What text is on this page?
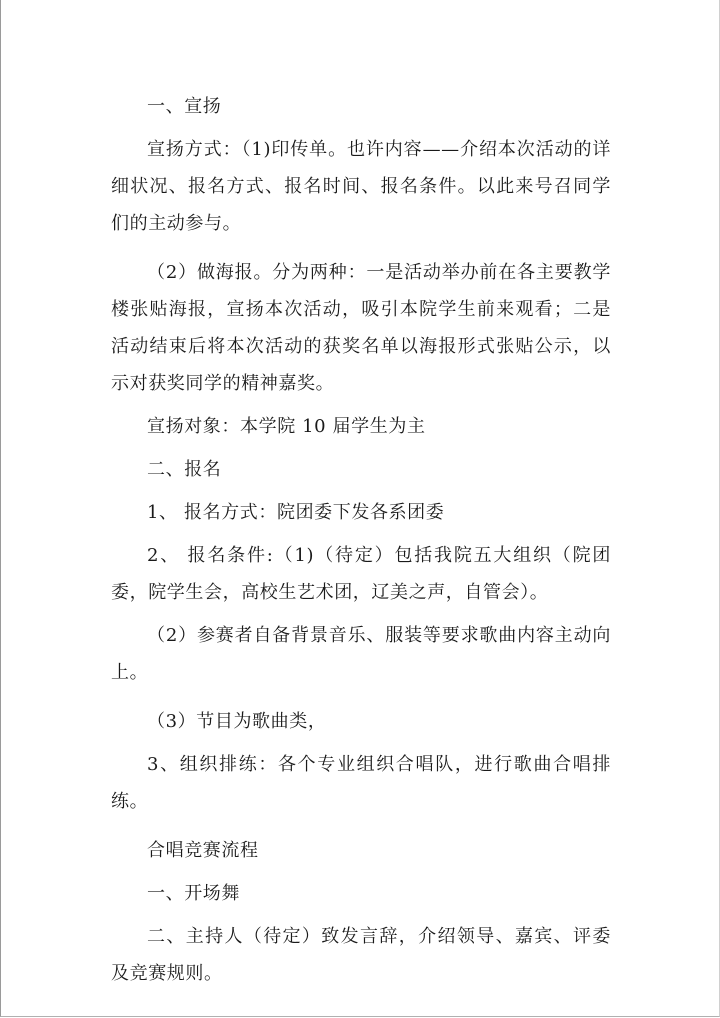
一、宣扬

宣扬方式：（1)印传单。也许内容——介绍本次活动的详细状况、报名方式、报名时间、报名条件。以此来号召同学们的主动参与。

（2）做海报。分为两种：一是活动举办前在各主要教学楼张贴海报，宣扬本次活动，吸引本院学生前来观看；二是活动结束后将本次活动的获奖名单以海报形式张贴公示，以示对获奖同学的精神嘉奖。

宣扬对象：本学院 10 届学生为主

二、报名

1、 报名方式：院团委下发各系团委

2、 报名条件:（1)（待定）包括我院五大组织（院团委，院学生会，高校生艺术团，辽美之声，自管会）。

（2）参赛者自备背景音乐、服装等要求歌曲内容主动向上。

（3）节目为歌曲类，

3、组织排练：各个专业组织合唱队，进行歌曲合唱排练。

合唱竞赛流程

一、开场舞

二、主持人（待定）致发言辞，介绍领导、嘉宾、评委及竞赛规则。
